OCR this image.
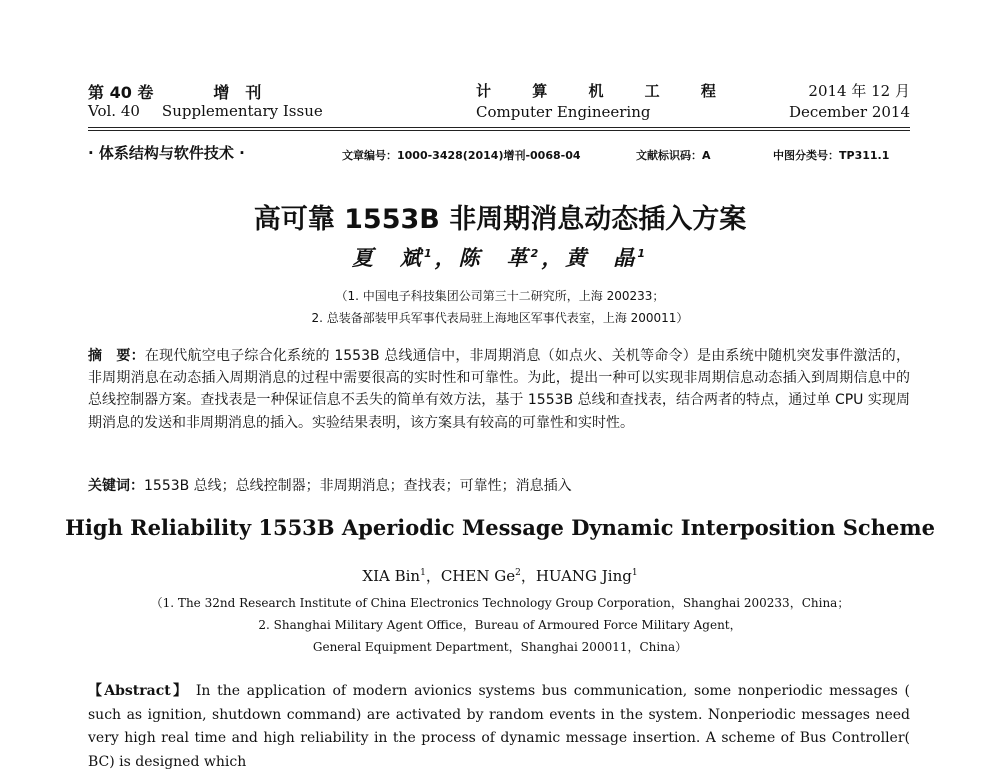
第 40 卷	增　刊
Vol. 40 Supplementary Issue
计 算 机 工 程
Computer Engineering
2014 年 12 月
December 2014
· 体系结构与软件技术 ·	文章编号：1000-3428(2014)增刊-0068-04	文献标识码：A	中图分类号：TP311.1
高可靠 1553B 非周期消息动态插入方案
夏　斌$^1$，陈　革$^2$，黄　晶$^1$
（1. 中国电子科技集团公司第三十二研究所，上海 200233；
2. 总装备部装甲兵军事代表局驻上海地区军事代表室，上海 200011）
摘　要：在现代航空电子综合化系统的 1553B 总线通信中，非周期消息（如点火、关机等命令）是由系统中随机突发事件激活的，非周期消息在动态插入周期消息的过程中需要很高的实时性和可靠性。为此，提出一种可以实现非周期信息动态插入到周期信息中的总线控制器方案。查找表是一种保证信息不丢失的简单有效方法，基于 1553B 总线和查找表，结合两者的特点，通过单 CPU 实现周期消息的发送和非周期消息的插入。实验结果表明，该方案具有较高的可靠性和实时性。
关键词：1553B 总线；总线控制器；非周期消息；查找表；可靠性；消息插入
High Reliability 1553B Aperiodic Message Dynamic Interposition Scheme
XIA Bin$^1$，CHEN Ge$^2$，HUANG Jing$^1$
（1. The 32nd Research Institute of China Electronics Technology Group Corporation，Shanghai 200233，China；
2. Shanghai Military Agent Office，Bureau of Armoured Force Military Agent，
General Equipment Department，Shanghai 200011，China）
【Abstract】 In the application of modern avionics systems bus communication, some nonperiodic messages ( such as ignition, shutdown command) are activated by random events in the system. Nonperiodic messages need very high real time and high reliability in the process of dynamic message insertion. A scheme of Bus Controller( BC) is designed which
